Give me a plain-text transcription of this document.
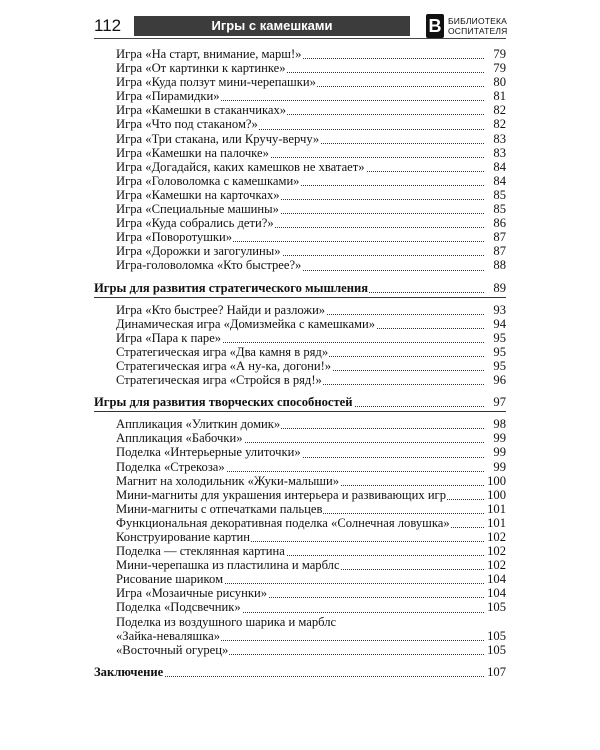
112	Игры с камешками	В БИБЛИОТЕКА
ОСПИТАТЕЛЯ
79
Игра «На старт, внимание, марш!»
79
Игра «От картинки к картинке»
80
Игра «Куда ползут мини-черепашки»
81
Игра «Пирамидки»
82
Игра «Камешки в стаканчиках»
82
Игра «Что под стаканом?»
83
Игра «Три стакана, или Кручу-верчу»
83
Игра «Камешки на палочке»
84
Игра «Догадайся, каких камешков не хватает»
84
Игра «Головоломка с камешками»
85
Игра «Камешки на карточках»
85
Игра «Специальные машины»
86
Игра «Куда собрались дети?»
87
Игра «Поворотушки»
87
Игра «Дорожки и загогулины»
88
Игра-головоломка «Кто быстрее?»
89
Игры для развития стратегического мышления
93
Игра «Кто быстрее? Найди и разложи»
94
Динамическая игра «Домизмейка с камешками»
95
Игра «Пара к паре»
95
Стратегическая игра «Два камня в ряд»
95
Стратегическая игра «А ну-ка, догони!»
96
Стратегическая игра «Стройся в ряд!»
97
Игры для развития творческих способностей
98
Аппликация «Улиткин домик»
99
Аппликация «Бабочки»
99
Поделка «Интерьерные улиточки»
99
Поделка «Стрекоза»
100
Магнит на холодильник «Жуки-малыши»
100
Мини-магниты для украшения интерьера и развивающих игр
101
Мини-магниты с отпечатками пальцев
101
Функциональная декоративная поделка «Солнечная ловушка»
102
Конструирование картин
102
Поделка — стеклянная картина
102
Мини-черепашка из пластилина и марблс
104
Рисование шариком
104
Игра «Мозаичные рисунки»
105
Поделка «Подсвечник»
Поделка из воздушного шарика и марблс
105
«Зайка-неваляшка»
105
«Восточный огурец»
107
Заключение
